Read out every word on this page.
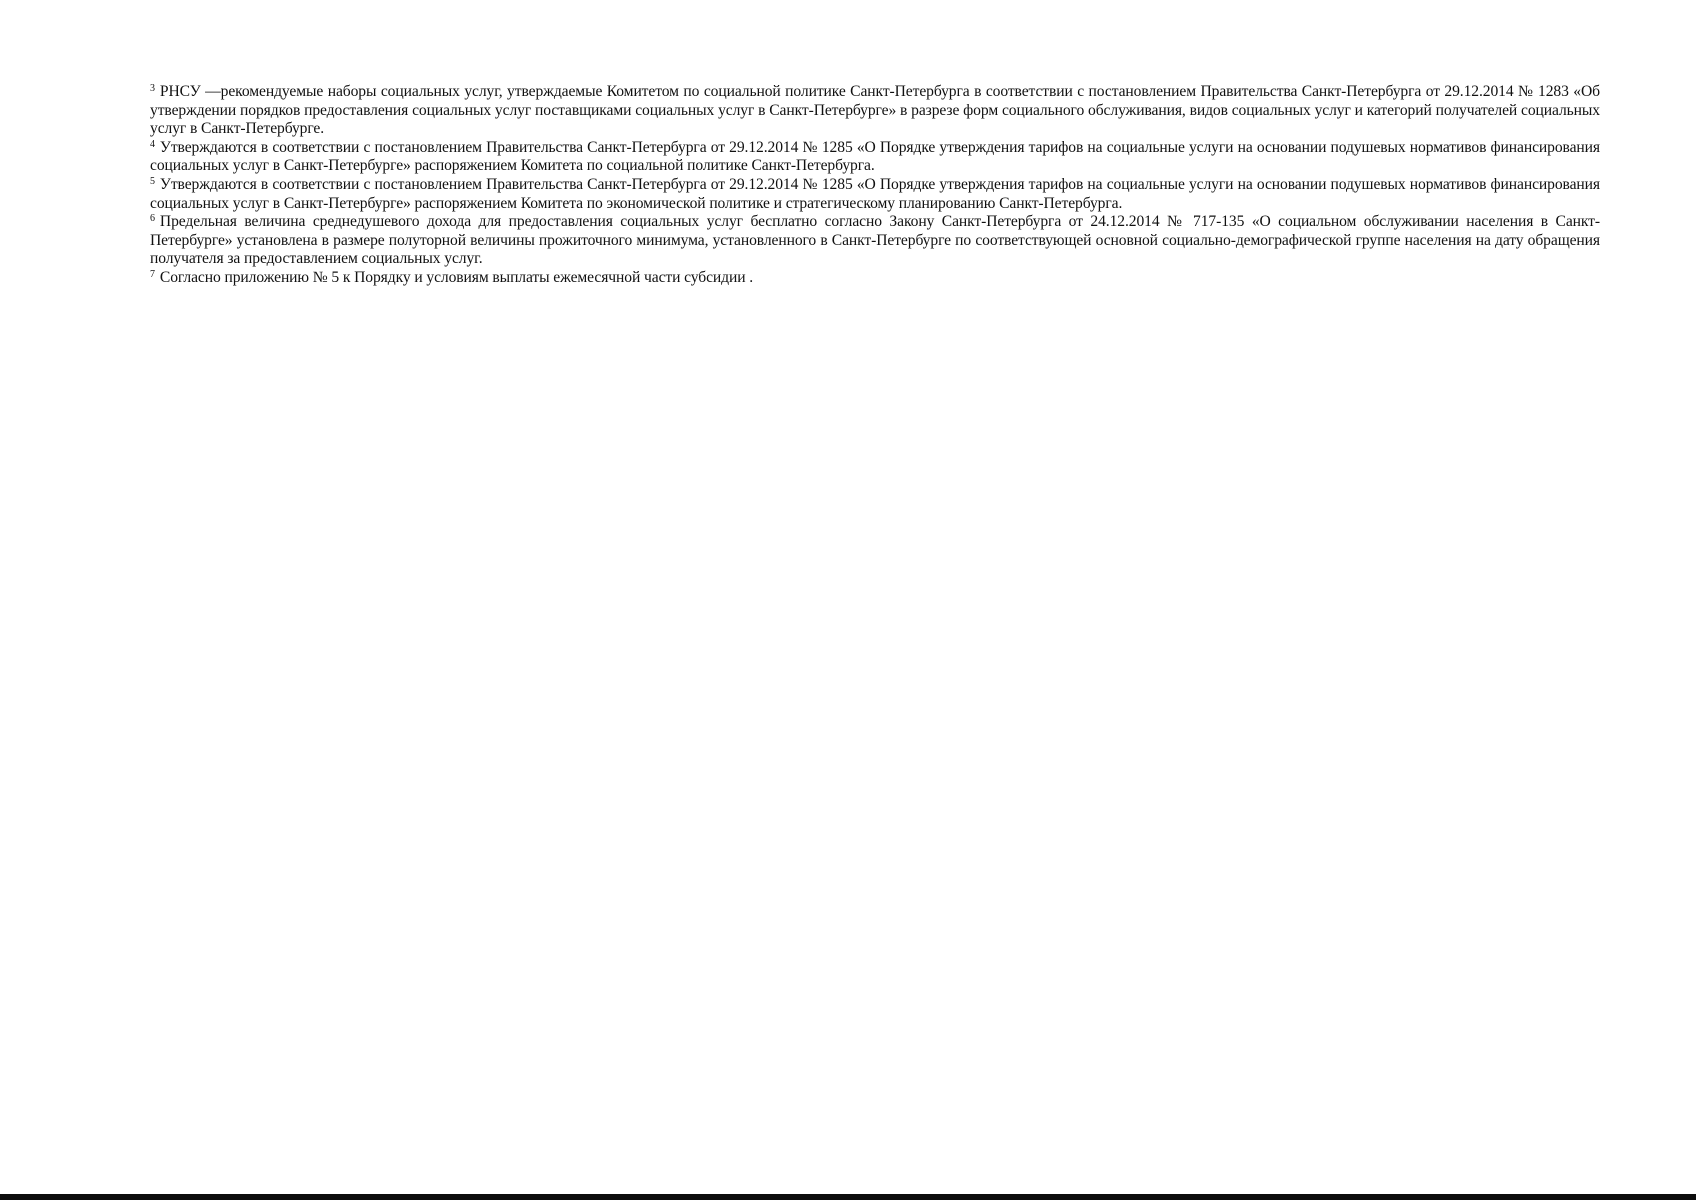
$^3$ РНСУ —рекомендуемые наборы социальных услуг, утверждаемые Комитетом по социальной политике Санкт-Петербурга в соответствии с постановлением Правительства Санкт-Петербурга от 29.12.2014 № 1283 «Об утверждении порядков предоставления социальных услуг поставщиками социальных услуг в Санкт-Петербурге» в разрезе форм социального обслуживания, видов социальных услуг и категорий получателей социальных услуг в Санкт-Петербурге.

$^4$ Утверждаются в соответствии с постановлением Правительства Санкт-Петербурга от 29.12.2014 № 1285 «О Порядке утверждения тарифов на социальные услуги на основании подушевых нормативов финансирования социальных услуг в Санкт-Петербурге» распоряжением Комитета по социальной политике Санкт-Петербурга.

$^5$ Утверждаются в соответствии с постановлением Правительства Санкт-Петербурга от 29.12.2014 № 1285 «О Порядке утверждения тарифов на социальные услуги на основании подушевых нормативов финансирования социальных услуг в Санкт-Петербурге» распоряжением Комитета по экономической политике и стратегическому планированию Санкт-Петербурга.

$^6$ Предельная величина среднедушевого дохода для предоставления социальных услуг бесплатно согласно Закону Санкт-Петербурга от 24.12.2014 № 717-135 «О социальном обслуживании населения в Санкт-Петербурге» установлена в размере полуторной величины прожиточного минимума, установленного в Санкт-Петербурге по соответствующей основной социально-демографической группе населения на дату обращения получателя за предоставлением социальных услуг.

$^7$ Согласно приложению № 5 к Порядку и условиям выплаты ежемесячной части субсидии .
